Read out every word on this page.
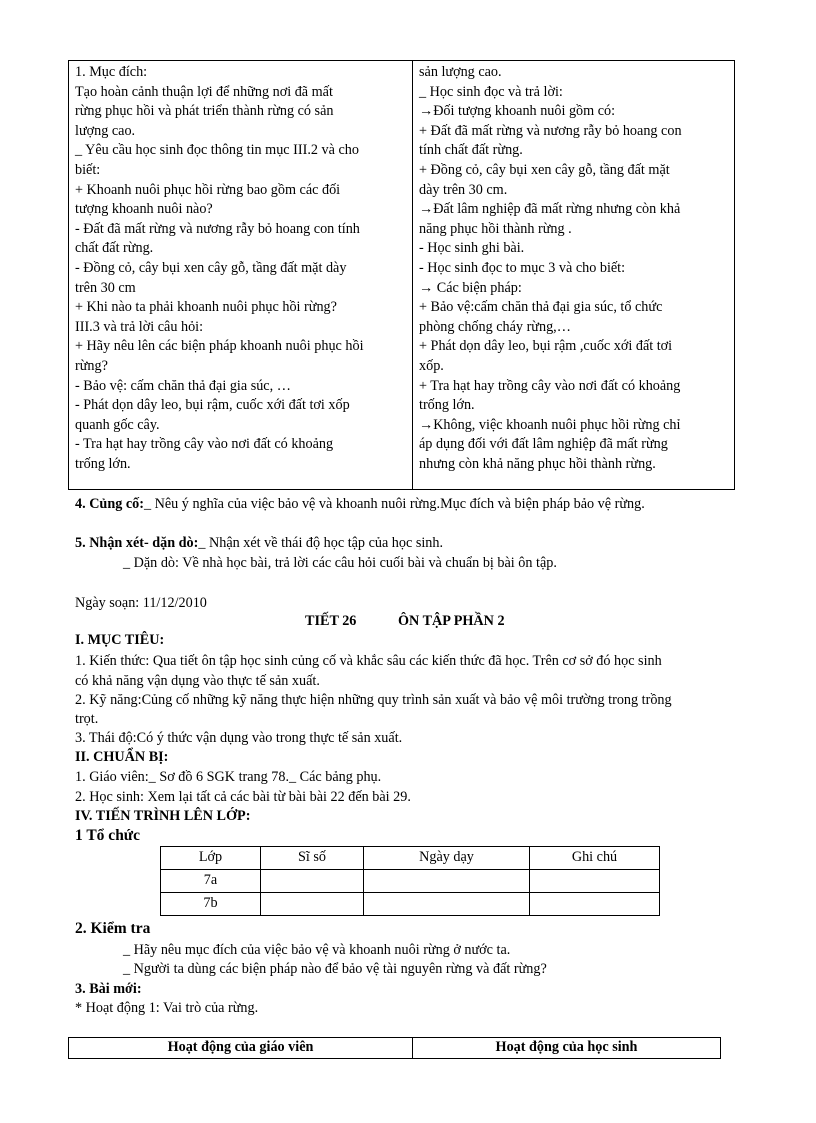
1. Mục đích:
Tạo hoàn cảnh thuận lợi để những nơi đã mất
rừng phục hồi và phát triển thành rừng có sản
lượng cao.
_ Yêu cầu học sinh đọc thông tin mục III.2 và cho
biết:
+ Khoanh nuôi phục hồi rừng bao gồm các đối
tượng khoanh nuôi nào?
- Đất đã mất rừng và nương rẫy bỏ hoang con tính
chất đất rừng.
- Đồng cỏ, cây bụi xen cây gỗ, tầng đất mặt dày
trên 30 cm
+ Khi nào ta phải khoanh nuôi phục hồi rừng?
III.3 và trả lời câu hỏi:
+ Hãy nêu lên các biện pháp khoanh nuôi phục hồi
rừng?
- Bảo vệ: cấm chăn thả đại gia súc, …
- Phát dọn dây leo, bụi rậm, cuốc xới đất tơi xốp
quanh gốc cây.
- Tra hạt hay trồng cây vào nơi đất có khoảng
trống lớn.

sản lượng cao.
_ Học sinh đọc và trả lời:
→Đối tượng khoanh nuôi gồm có:
+ Đất đã mất rừng và nương rẫy bỏ hoang con
tính chất đất rừng.
+ Đồng cỏ, cây bụi xen cây gỗ, tầng đất mặt
dày trên 30 cm.
→Đất lâm nghiệp đã mất rừng nhưng còn khả
năng phục hồi thành rừng .
- Học sinh ghi bài.
- Học sinh đọc to mục 3 và cho biết:
→ Các biện pháp:
+ Bảo vệ:cấm chăn thả đại gia súc, tổ chức
phòng chống cháy rừng,…
+ Phát dọn dây leo, bụi rậm ,cuốc xới đất tơi
xốp.
+ Tra hạt hay trồng cây vào nơi đất có khoảng
trống lớn.
→Không, việc khoanh nuôi phục hồi rừng chỉ
áp dụng đối với đất lâm nghiệp đã mất rừng
nhưng còn khả năng phục hồi thành rừng.
4. Củng cố:_ Nêu ý nghĩa của việc bảo vệ và khoanh nuôi rừng.Mục đích và biện pháp bảo vệ rừng.
5. Nhận xét- dặn dò:_ Nhận xét về thái độ học tập của học sinh.
_ Dặn dò: Về nhà học bài, trả lời các câu hỏi cuối bài và chuẩn bị bài ôn tập.
Ngày soạn: 11/12/2010
TIẾT 26	ÔN TẬP PHẦN 2
I. MỤC TIÊU:
1. Kiến thức: Qua tiết ôn tập học sinh củng cố và khắc sâu các kiến thức đã học. Trên cơ sở đó học sinh
có khả năng vận dụng vào thực tế sản xuất.
2. Kỹ năng:Củng cố những kỹ năng thực hiện những quy trình sản xuất và bảo vệ môi trường trong trồng
trọt.
3. Thái độ:Có ý thức vận dụng vào trong thực tế sản xuất.
II. CHUẨN BỊ:
1. Giáo viên:_ Sơ đồ 6 SGK trang 78._ Các bảng phụ.
2. Học sinh: Xem lại tất cả các bài từ bài bài 22 đến bài 29.
IV. TIẾN TRÌNH LÊN LỚP:
1 Tổ chức
Lớp	Sĩ số	Ngày dạy	Ghi chú
7a			
7b			
2. Kiểm tra
_ Hãy nêu mục đích của việc bảo vệ và khoanh nuôi rừng ở nước ta.
_ Người ta dùng các biện pháp nào để bảo vệ tài nguyên rừng và đất rừng?
3. Bài mới:
* Hoạt động 1: Vai trò của rừng.
Hoạt động của giáo viên	Hoạt động của học sinh
